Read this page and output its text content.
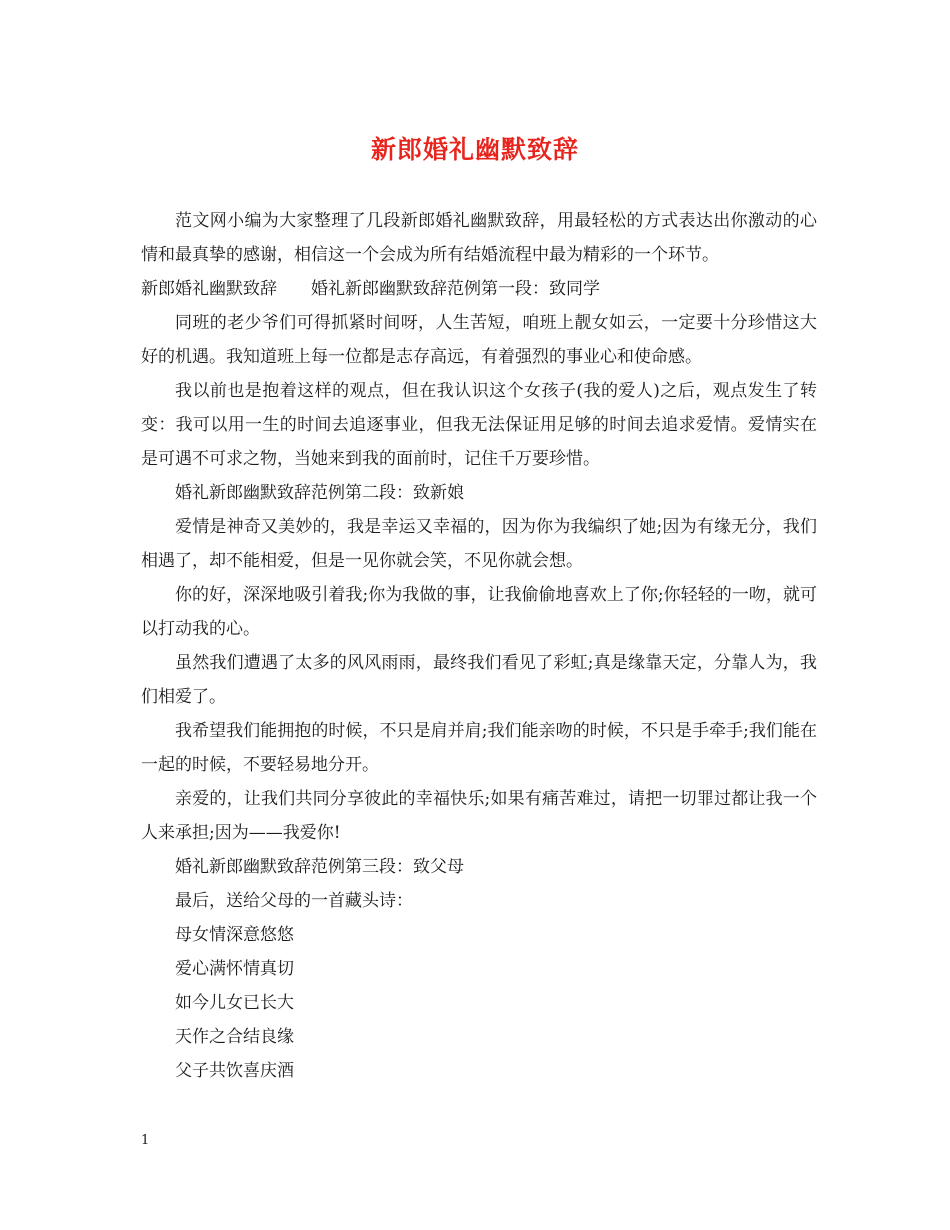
新郎婚礼幽默致辞

范文网小编为大家整理了几段新郎婚礼幽默致辞，用最轻松的方式表达出你激动的心情和最真挚的感谢，相信这一个会成为所有结婚流程中最为精彩的一个环节。

新郎婚礼幽默致辞 婚礼新郎幽默致辞范例第一段：致同学

同班的老少爷们可得抓紧时间呀，人生苦短，咱班上靓女如云，一定要十分珍惜这大好的机遇。我知道班上每一位都是志存高远，有着强烈的事业心和使命感。

我以前也是抱着这样的观点，但在我认识这个女孩子(我的爱人)之后，观点发生了转变：我可以用一生的时间去追逐事业，但我无法保证用足够的时间去追求爱情。爱情实在是可遇不可求之物，当她来到我的面前时，记住千万要珍惜。

婚礼新郎幽默致辞范例第二段：致新娘

爱情是神奇又美妙的，我是幸运又幸福的，因为你为我编织了她;因为有缘无分，我们相遇了，却不能相爱，但是一见你就会笑，不见你就会想。

你的好，深深地吸引着我;你为我做的事，让我偷偷地喜欢上了你;你轻轻的一吻，就可以打动我的心。

虽然我们遭遇了太多的风风雨雨，最终我们看见了彩虹;真是缘靠天定，分靠人为，我们相爱了。

我希望我们能拥抱的时候，不只是肩并肩;我们能亲吻的时候，不只是手牵手;我们能在一起的时候，不要轻易地分开。

亲爱的，让我们共同分享彼此的幸福快乐;如果有痛苦难过，请把一切罪过都让我一个人来承担;因为——我爱你!

婚礼新郎幽默致辞范例第三段：致父母

最后，送给父母的一首藏头诗：

母女情深意悠悠

爱心满怀情真切

如今儿女已长大

天作之合结良缘

父子共饮喜庆酒

1
